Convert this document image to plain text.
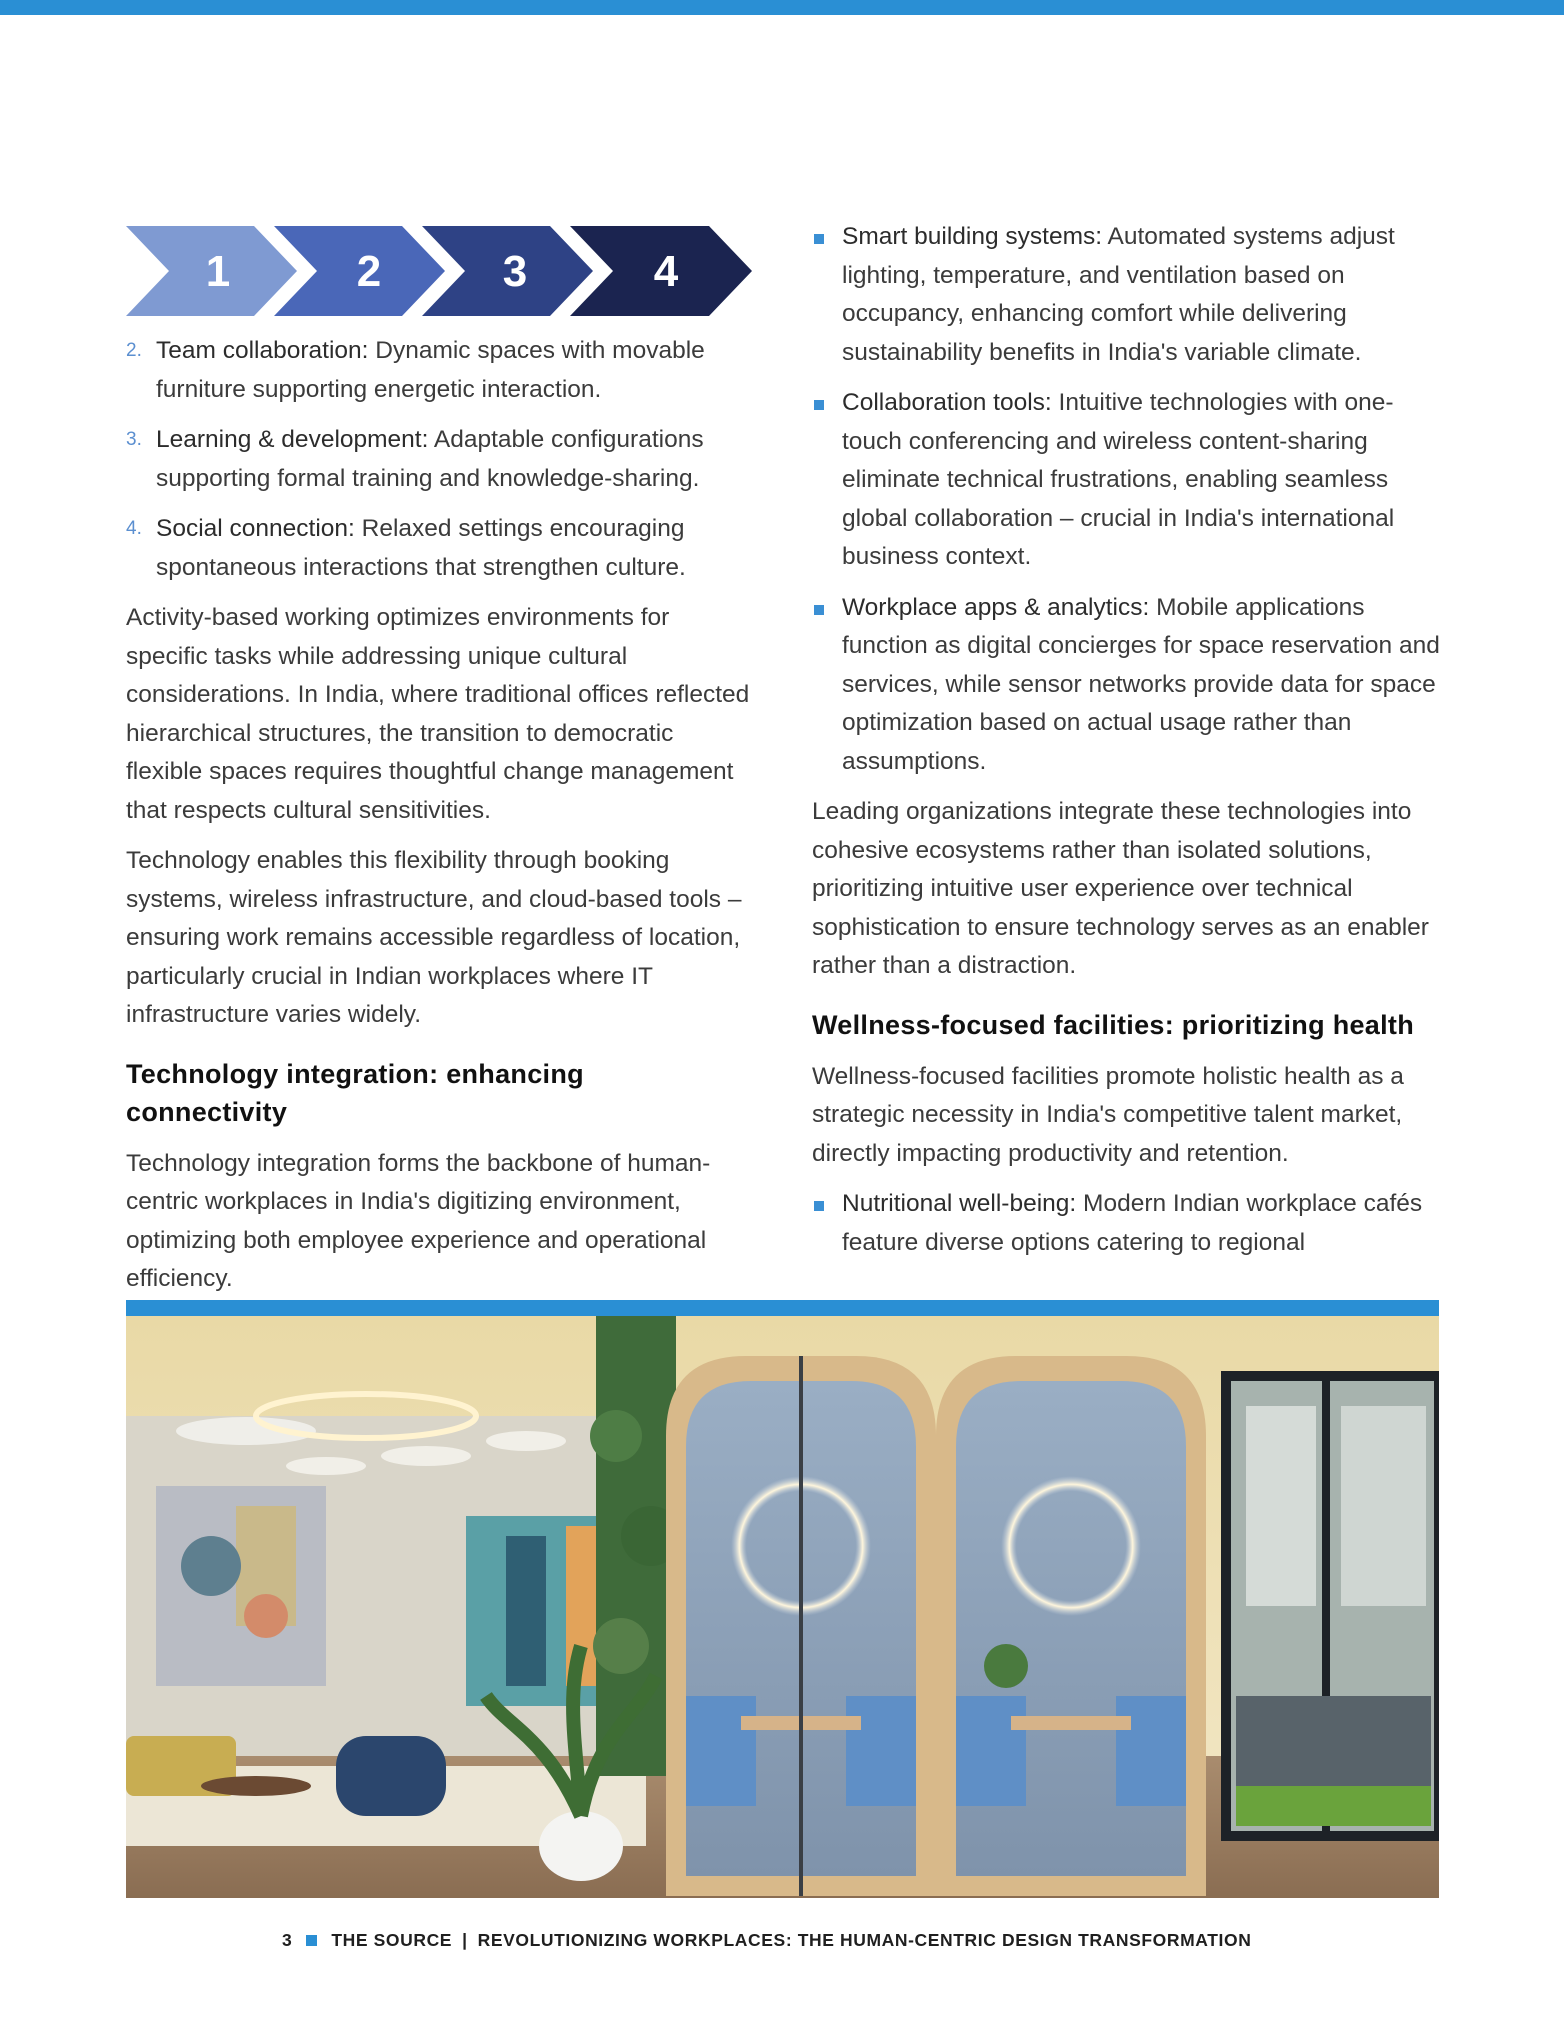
1	2	3	4
2. Team collaboration: Dynamic spaces with movable furniture supporting energetic interaction.
3. Learning & development: Adaptable configurations supporting formal training and knowledge-sharing.
4. Social connection: Relaxed settings encouraging spontaneous interactions that strengthen culture.

Activity-based working optimizes environments for specific tasks while addressing unique cultural considerations. In India, where traditional offices reflected hierarchical structures, the transition to democratic flexible spaces requires thoughtful change management that respects cultural sensitivities.

Technology enables this flexibility through booking systems, wireless infrastructure, and cloud-based tools – ensuring work remains accessible regardless of location, particularly crucial in Indian workplaces where IT infrastructure varies widely.

Technology integration: enhancing connectivity

Technology integration forms the backbone of human-centric workplaces in India's digitizing environment, optimizing both employee experience and operational efficiency.

Smart building systems: Automated systems adjust lighting, temperature, and ventilation based on occupancy, enhancing comfort while delivering sustainability benefits in India's variable climate.
Collaboration tools: Intuitive technologies with one-touch conferencing and wireless content-sharing eliminate technical frustrations, enabling seamless global collaboration – crucial in India's international business context.
Workplace apps & analytics: Mobile applications function as digital concierges for space reservation and services, while sensor networks provide data for space optimization based on actual usage rather than assumptions.

Leading organizations integrate these technologies into cohesive ecosystems rather than isolated solutions, prioritizing intuitive user experience over technical sophistication to ensure technology serves as an enabler rather than a distraction.

Wellness-focused facilities: prioritizing health

Wellness-focused facilities promote holistic health as a strategic necessity in India's competitive talent market, directly impacting productivity and retention.

Nutritional well-being: Modern Indian workplace cafés feature diverse options catering to regional
3 THE SOURCE | REVOLUTIONIZING WORKPLACES: THE HUMAN-CENTRIC DESIGN TRANSFORMATION
